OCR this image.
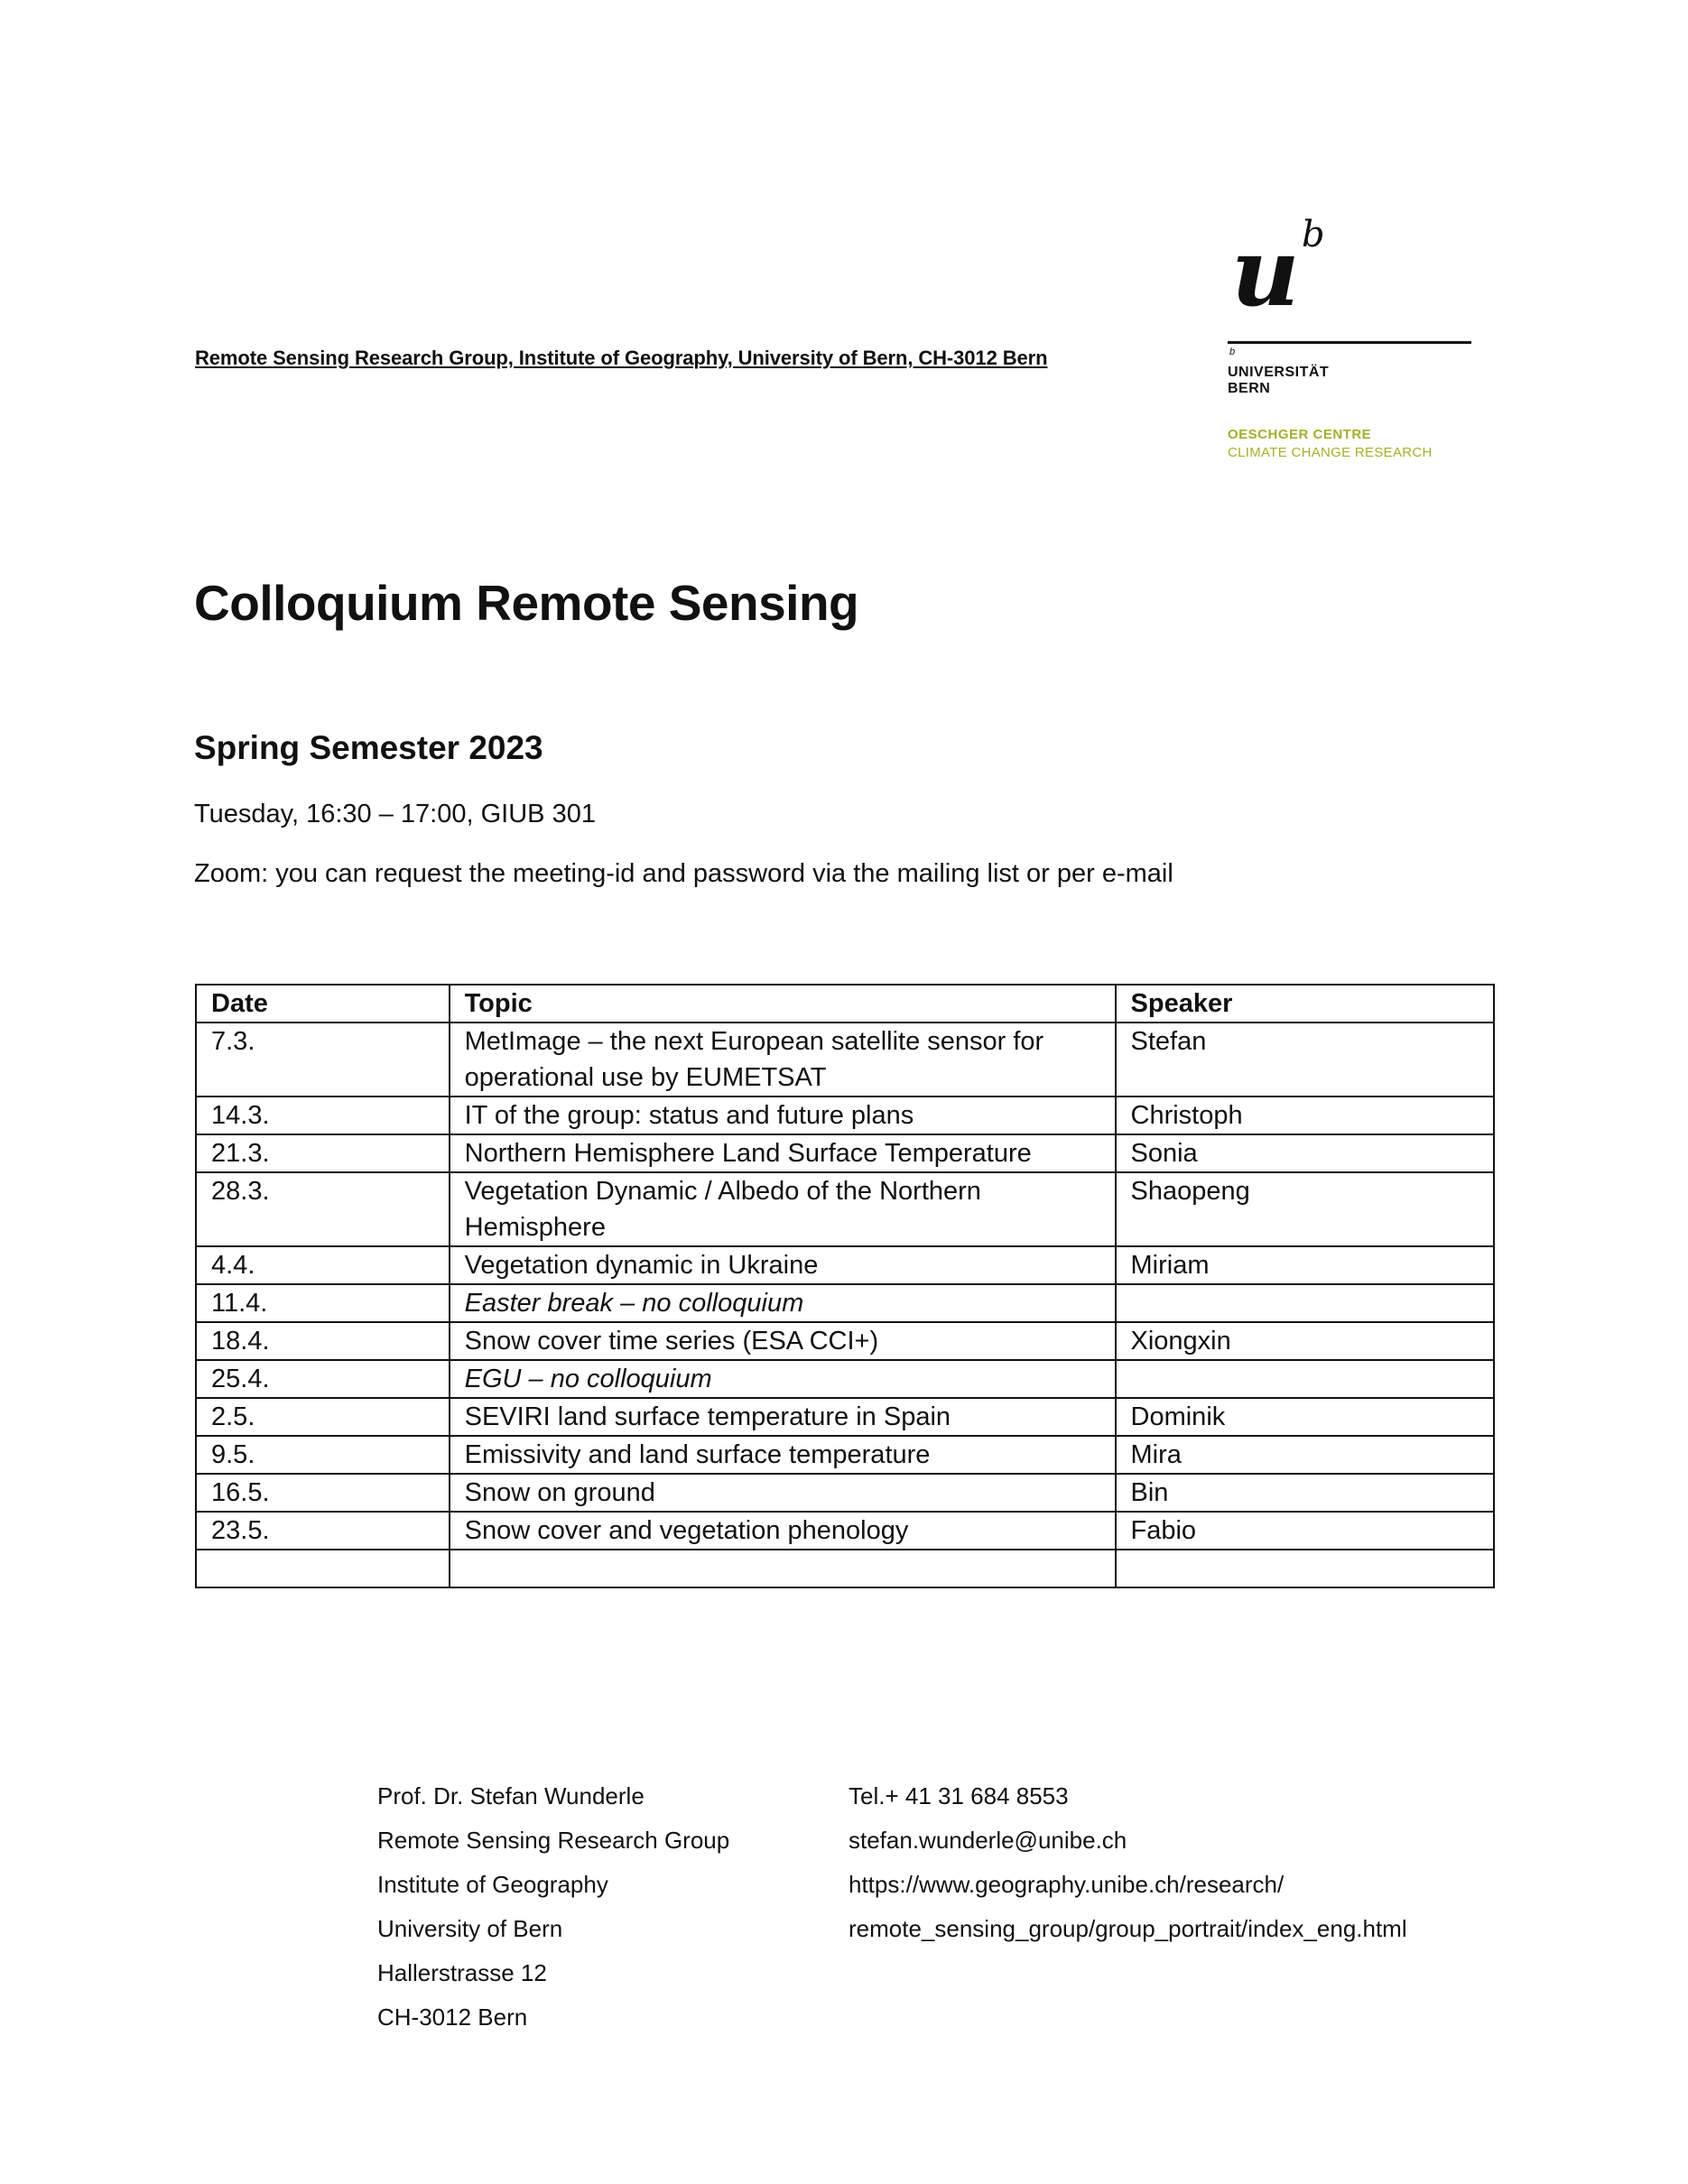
Remote Sensing Research Group, Institute of Geography, University of Bern, CH-3012 Bern
u b
b
UNIVERSITÄT
BERN
OESCHGER CENTRE
CLIMATE CHANGE RESEARCH
Colloquium Remote Sensing
Spring Semester 2023
Tuesday, 16:30 – 17:00, GIUB 301
Zoom: you can request the meeting-id and password via the mailing list or per e-mail
Date	Topic	Speaker
7.3.	MetImage – the next European satellite sensor for operational use by EUMETSAT	Stefan
14.3.	IT of the group: status and future plans	Christoph
21.3.	Northern Hemisphere Land Surface Temperature	Sonia
28.3.	Vegetation Dynamic / Albedo of the Northern Hemisphere	Shaopeng
4.4.	Vegetation dynamic in Ukraine	Miriam
11.4.	Easter break – no colloquium	
18.4.	Snow cover time series (ESA CCI+)	Xiongxin
25.4.	EGU – no colloquium	
2.5.	SEVIRI land surface temperature in Spain	Dominik
9.5.	Emissivity and land surface temperature	Mira
16.5.	Snow on ground	Bin
23.5.	Snow cover and vegetation phenology	Fabio

Prof. Dr. Stefan Wunderle
Remote Sensing Research Group
Institute of Geography
University of Bern
Hallerstrasse 12
CH-3012 Bern
Tel.+ 41 31 684 8553
stefan.wunderle@unibe.ch
https://www.geography.unibe.ch/research/
remote_sensing_group/group_portrait/index_eng.html
